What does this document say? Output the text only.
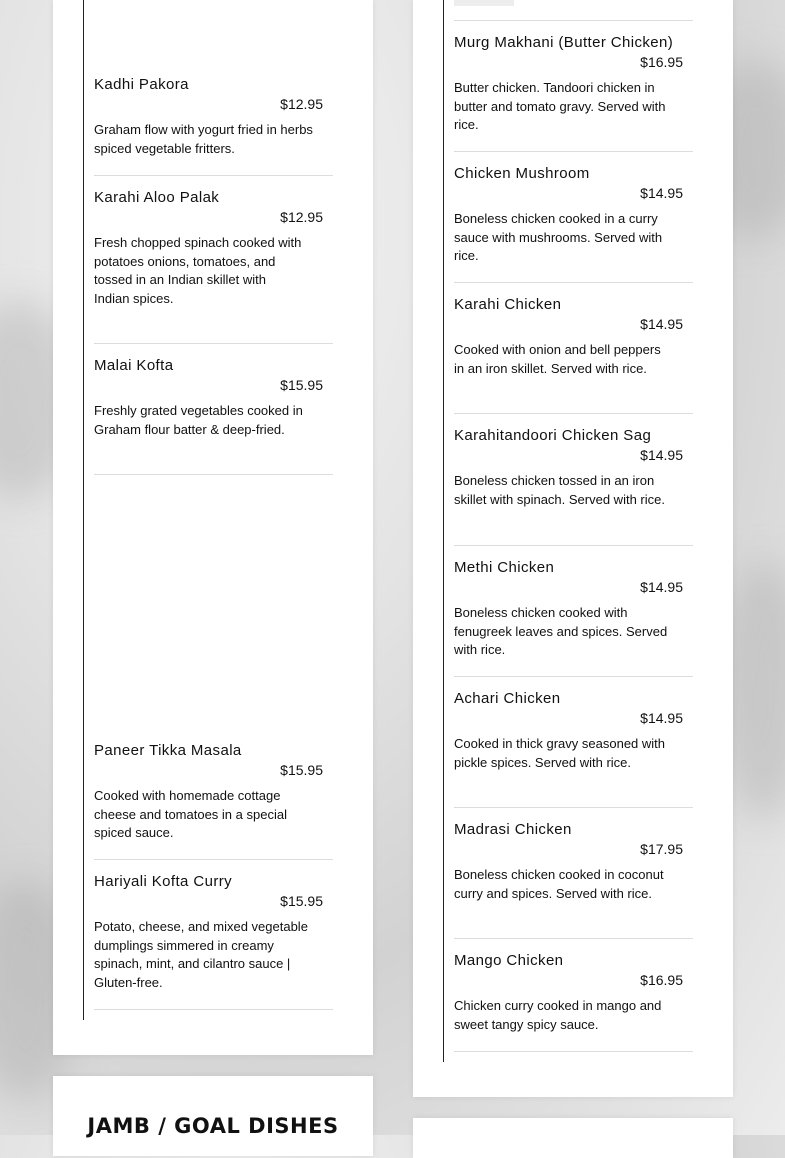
Kadhi Pakora
$12.95
Graham flow with yogurt fried in herbs spiced vegetable fritters.
Karahi Aloo Palak
$12.95
Fresh chopped spinach cooked with potatoes onions, tomatoes, and tossed in an Indian skillet with
Indian spices.
Malai Kofta
$15.95
Freshly grated vegetables cooked in Graham flour batter & deep-fried.
Paneer Tikka Masala
$15.95
Cooked with homemade cottage cheese and tomatoes in a special spiced sauce.
Hariyali Kofta Curry
$15.95
Potato, cheese, and mixed vegetable dumplings simmered in creamy spinach, mint, and cilantro sauce | Gluten-free.
Murg Makhani (Butter Chicken)
$16.95
Butter chicken. Tandoori chicken in butter and tomato gravy. Served with rice.
Chicken Mushroom
$14.95
Boneless chicken cooked in a curry sauce with mushrooms. Served with rice.
Karahi Chicken
$14.95
Cooked with onion and bell peppers in an iron skillet. Served with rice.
Karahitandoori Chicken Sag
$14.95
Boneless chicken tossed in an iron skillet with spinach. Served with rice.
Methi Chicken
$14.95
Boneless chicken cooked with fenugreek leaves and spices. Served with rice.
Achari Chicken
$14.95
Cooked in thick gravy seasoned with pickle spices. Served with rice.
Madrasi Chicken
$17.95
Boneless chicken cooked in coconut curry and spices. Served with rice.
Mango Chicken
$16.95
Chicken curry cooked in mango and sweet tangy spicy sauce.
JAMB / GOAL DISHES
